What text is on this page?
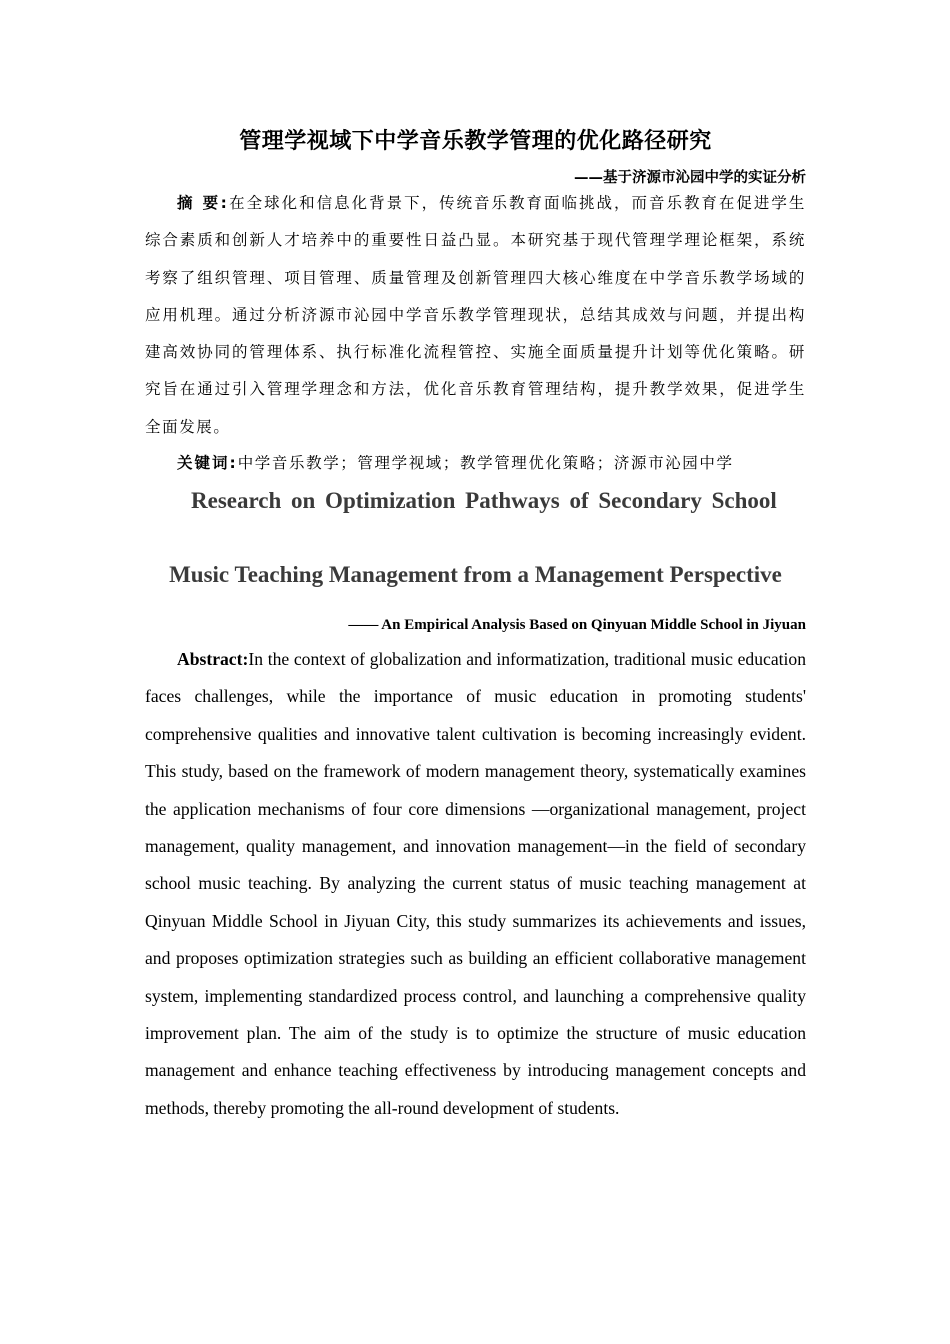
管理学视域下中学音乐教学管理的优化路径研究
——基于济源市沁园中学的实证分析

摘 要:在全球化和信息化背景下，传统音乐教育面临挑战，而音乐教育在促进学生综合素质和创新人才培养中的重要性日益凸显。本研究基于现代管理学理论框架，系统考察了组织管理、项目管理、质量管理及创新管理四大核心维度在中学音乐教学场域的应用机理。通过分析济源市沁园中学音乐教学管理现状，总结其成效与问题，并提出构建高效协同的管理体系、执行标准化流程管控、实施全面质量提升计划等优化策略。研究旨在通过引入管理学理念和方法，优化音乐教育管理结构，提升教学效果，促进学生全面发展。

关键词:中学音乐教学；管理学视域；教学管理优化策略；济源市沁园中学

Research on Optimization Pathways of Secondary School

Music Teaching Management from a Management Perspective

—— An Empirical Analysis Based on Qinyuan Middle School in Jiyuan

Abstract:In the context of globalization and informatization, traditional music education faces challenges, while the importance of music education in promoting students' comprehensive qualities and innovative talent cultivation is becoming increasingly evident. This study, based on the framework of modern management theory, systematically examines the application mechanisms of four core dimensions —organizational management, project management, quality management, and innovation management—in the field of secondary school music teaching. By analyzing the current status of music teaching management at Qinyuan Middle School in Jiyuan City, this study summarizes its achievements and issues, and proposes optimization strategies such as building an efficient collaborative management system, implementing standardized process control, and launching a comprehensive quality improvement plan. The aim of the study is to optimize the structure of music education management and enhance teaching effectiveness by introducing management concepts and methods, thereby promoting the all-round development of students.
